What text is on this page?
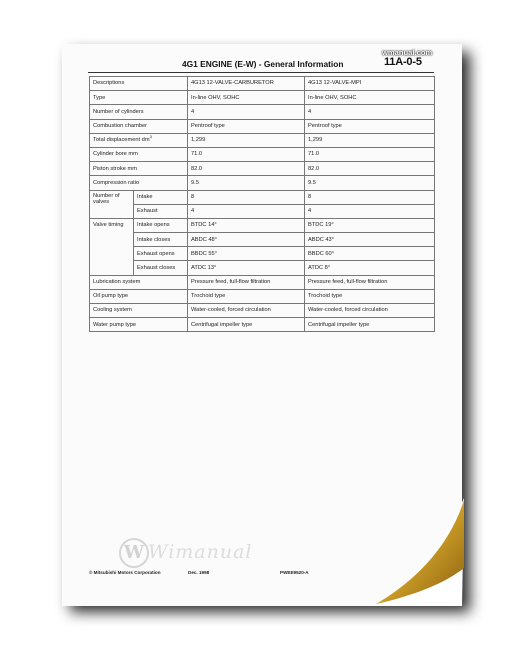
wmanual.com
4G1 ENGINE (E-W) - General Information	11A-0-5
Descriptions		4G13 12-VALVE-CARBURETOR	4G13 12-VALVE-MPI
Type		In-line OHV, SOHC	In-line OHV, SOHC
Number of cylinders		4	4
Combustion chamber		Pentroof type	Pentroof type
Total displacement $dm^3$		1,299	1,299
Cylinder bore mm		71.0	71.0
Piston stroke mm		82.0	82.0
Compression ratio		9.5	9.5
Number of valves	Intake	8	8
	Exhaust	4	4
Valve timing	Intake opens	BTDC 14°	BTDC 19°
	Intake closes	ABDC 48°	ABDC 43°
	Exhaust opens	BBDC 55°	BBDC 60°
	Exhaust closes	ATDC 13°	ATDC 8°
Lubrication system		Pressure feed, full-flow filtration	Pressure feed, full-flow filtration
Oil pump type		Trochoid type	Trochoid type
Cooling system		Water-cooled, forced circulation	Water-cooled, forced circulation
Water pump type		Centrifugal impeller type	Centrifugal impeller type
W Wimanual
© Mitsubishi Motors Corporation	Dec. 1998	PWEE9520-A
